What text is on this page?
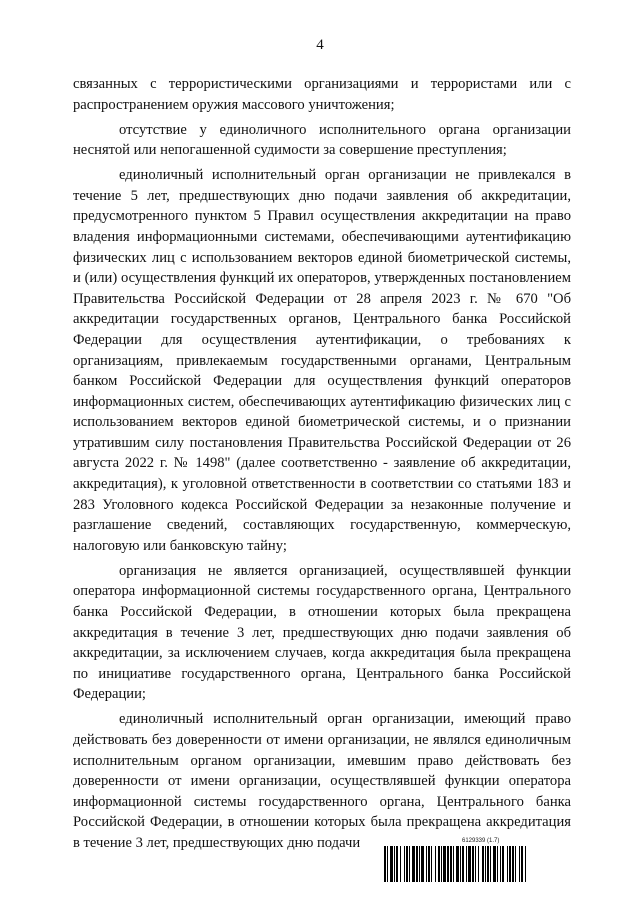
4

связанных с террористическими организациями и террористами или с распространением оружия массового уничтожения;

отсутствие у единоличного исполнительного органа организации неснятой или непогашенной судимости за совершение преступления;

единоличный исполнительный орган организации не привлекался в течение 5 лет, предшествующих дню подачи заявления об аккредитации, предусмотренного пунктом 5 Правил осуществления аккредитации на право владения информационными системами, обеспечивающими аутентификацию физических лиц с использованием векторов единой биометрической системы, и (или) осуществления функций их операторов, утвержденных постановлением Правительства Российской Федерации от 28 апреля 2023 г. № 670 "Об аккредитации государственных органов, Центрального банка Российской Федерации для осуществления аутентификации, о требованиях к организациям, привлекаемым государственными органами, Центральным банком Российской Федерации для осуществления функций операторов информационных систем, обеспечивающих аутентификацию физических лиц с использованием векторов единой биометрической системы, и о признании утратившим силу постановления Правительства Российской Федерации от 26 августа 2022 г. № 1498" (далее соответственно - заявление об аккредитации, аккредитация), к уголовной ответственности в соответствии со статьями 183 и 283 Уголовного кодекса Российской Федерации за незаконные получение и разглашение сведений, составляющих государственную, коммерческую, налоговую или банковскую тайну;

организация не является организацией, осуществлявшей функции оператора информационной системы государственного органа, Центрального банка Российской Федерации, в отношении которых была прекращена аккредитация в течение 3 лет, предшествующих дню подачи заявления об аккредитации, за исключением случаев, когда аккредитация была прекращена по инициативе государственного органа, Центрального банка Российской Федерации;

единоличный исполнительный орган организации, имеющий право действовать без доверенности от имени организации, не являлся единоличным исполнительным органом организации, имевшим право действовать без доверенности от имени организации, осуществлявшей функции оператора информационной системы государственного органа, Центрального банка Российской Федерации, в отношении которых была прекращена аккредитация в течение 3 лет, предшествующих дню подачи	6129339 (1.7)
